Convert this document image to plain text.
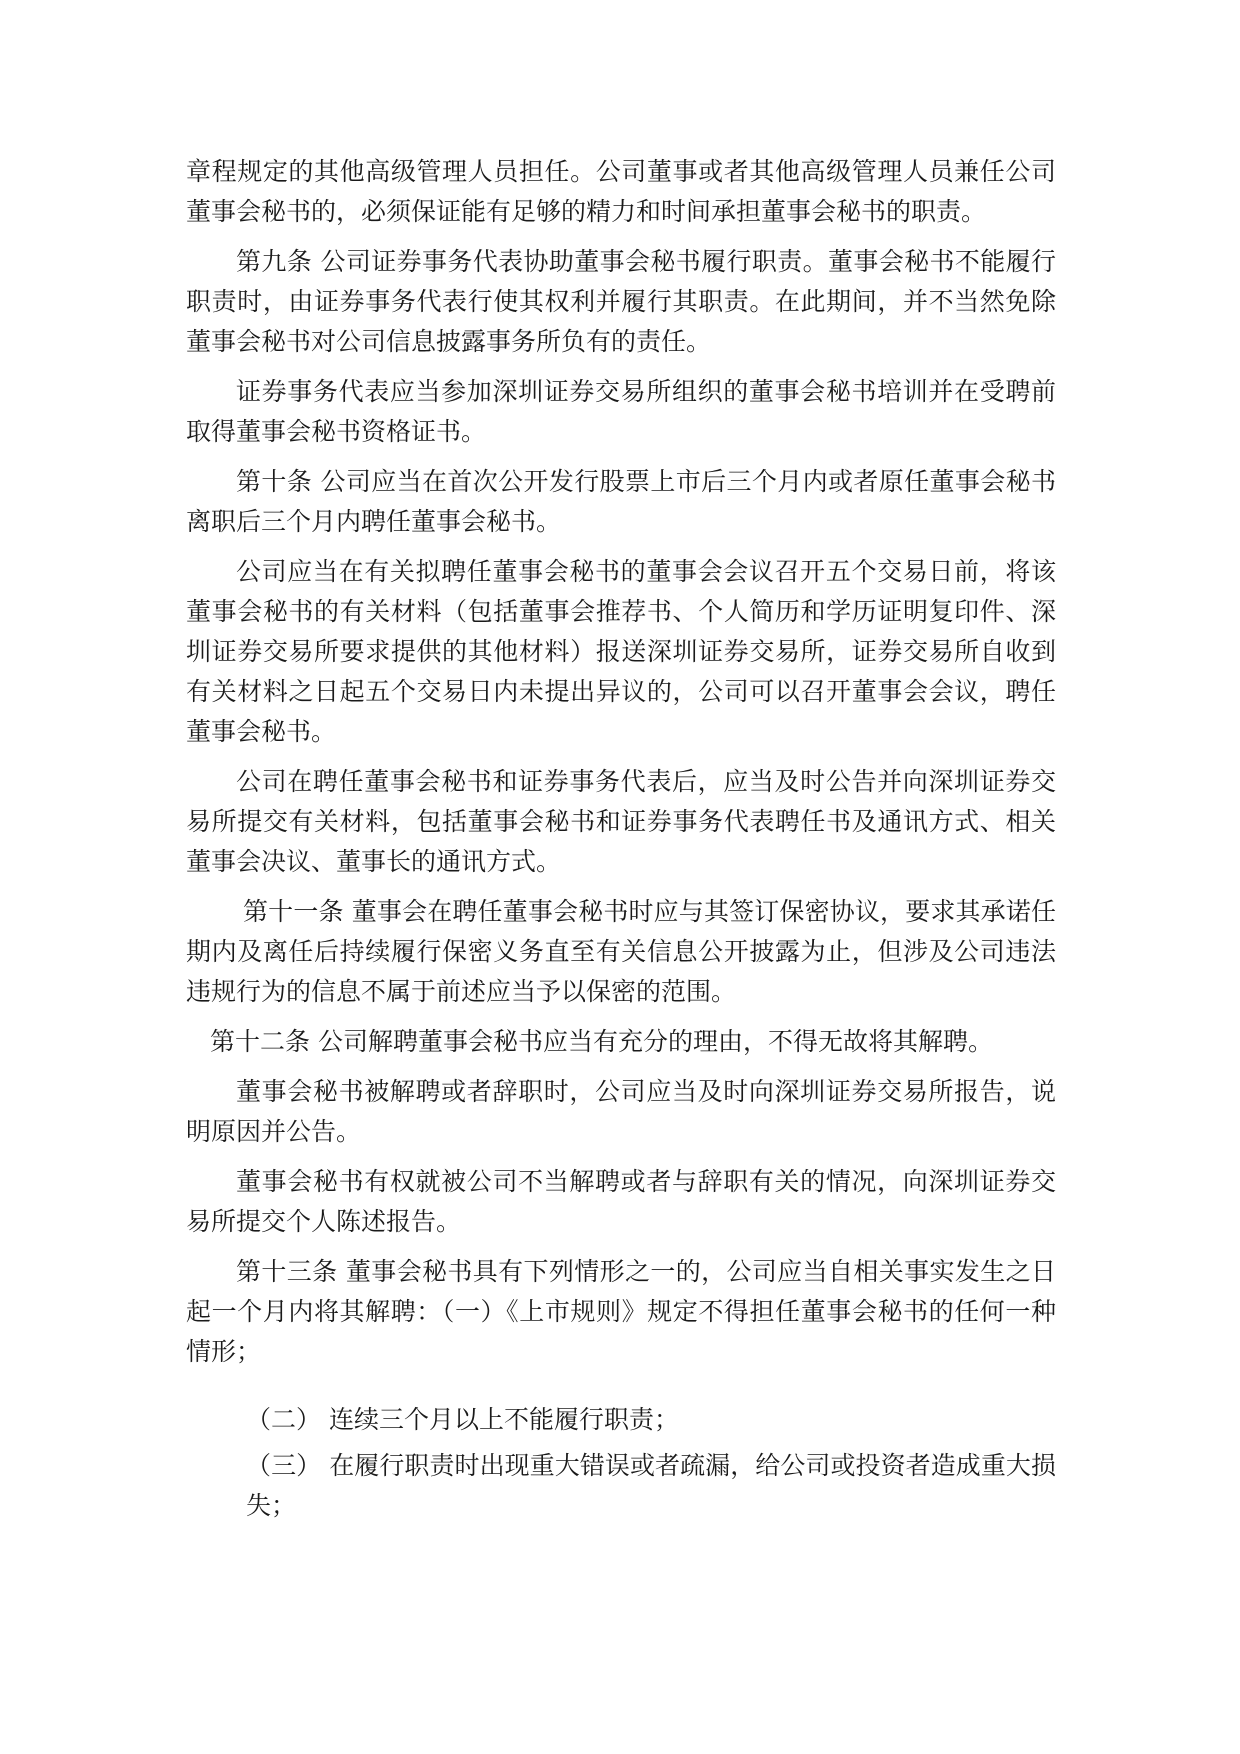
章程规定的其他高级管理人员担任。公司董事或者其他高级管理人员兼任公司董事会秘书的，必须保证能有足够的精力和时间承担董事会秘书的职责。

第九条 公司证券事务代表协助董事会秘书履行职责。董事会秘书不能履行职责时，由证券事务代表行使其权利并履行其职责。在此期间，并不当然免除董事会秘书对公司信息披露事务所负有的责任。

证券事务代表应当参加深圳证券交易所组织的董事会秘书培训并在受聘前取得董事会秘书资格证书。

第十条 公司应当在首次公开发行股票上市后三个月内或者原任董事会秘书离职后三个月内聘任董事会秘书。

公司应当在有关拟聘任董事会秘书的董事会会议召开五个交易日前，将该董事会秘书的有关材料（包括董事会推荐书、个人简历和学历证明复印件、深圳证券交易所要求提供的其他材料）报送深圳证券交易所，证券交易所自收到有关材料之日起五个交易日内未提出异议的，公司可以召开董事会会议，聘任董事会秘书。

公司在聘任董事会秘书和证券事务代表后，应当及时公告并向深圳证券交易所提交有关材料，包括董事会秘书和证券事务代表聘任书及通讯方式、相关董事会决议、董事长的通讯方式。

第十一条 董事会在聘任董事会秘书时应与其签订保密协议，要求其承诺任期内及离任后持续履行保密义务直至有关信息公开披露为止，但涉及公司违法违规行为的信息不属于前述应当予以保密的范围。

第十二条 公司解聘董事会秘书应当有充分的理由，不得无故将其解聘。

董事会秘书被解聘或者辞职时，公司应当及时向深圳证券交易所报告，说明原因并公告。

董事会秘书有权就被公司不当解聘或者与辞职有关的情况，向深圳证券交易所提交个人陈述报告。

第十三条 董事会秘书具有下列情形之一的，公司应当自相关事实发生之日起一个月内将其解聘：（一）《上市规则》规定不得担任董事会秘书的任何一种情形；

（二） 连续三个月以上不能履行职责；

（三） 在履行职责时出现重大错误或者疏漏，给公司或投资者造成重大损失；
